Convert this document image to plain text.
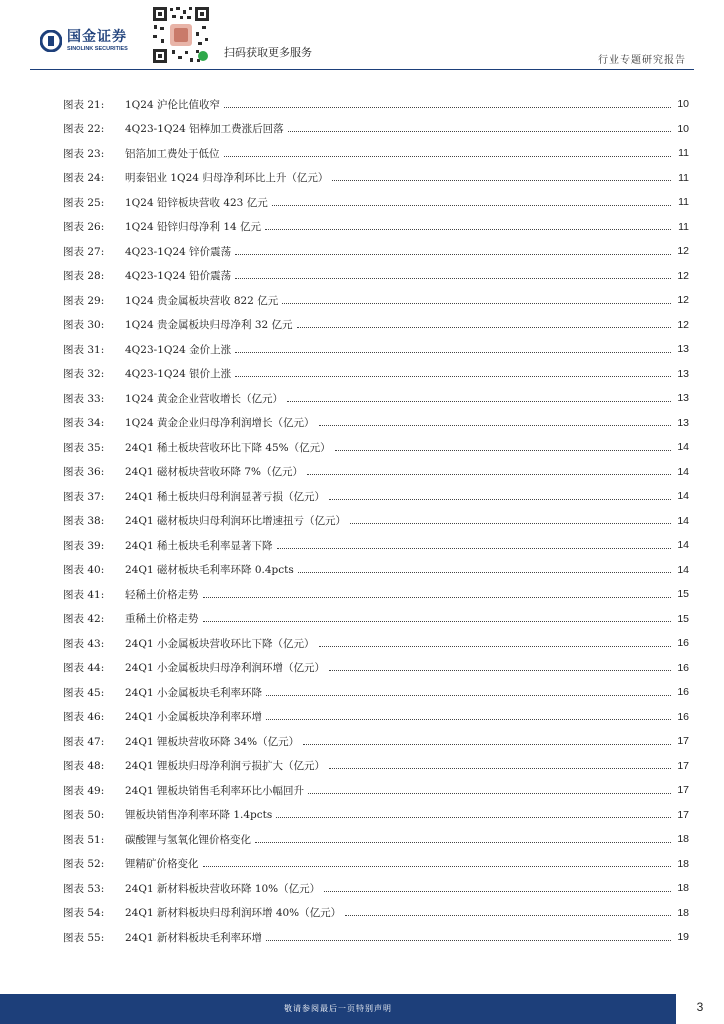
国金证券
SINOLINK SECURITIES	扫码获取更多服务
行业专题研究报告
图表 21:	1Q24 沪伦比值收窄	10
图表 22:	4Q23-1Q24 铝棒加工费涨后回落	10
图表 23:	铝箔加工费处于低位	11
图表 24:	明泰铝业 1Q24 归母净利环比上升（亿元）	11
图表 25:	1Q24 铅锌板块营收 423 亿元	11
图表 26:	1Q24 铅锌归母净利 14 亿元	11
图表 27:	4Q23-1Q24 锌价震荡	12
图表 28:	4Q23-1Q24 铅价震荡	12
图表 29:	1Q24 贵金属板块营收 822 亿元	12
图表 30:	1Q24 贵金属板块归母净利 32 亿元	12
图表 31:	4Q23-1Q24 金价上涨	13
图表 32:	4Q23-1Q24 银价上涨	13
图表 33:	1Q24 黄金企业营收增长（亿元）	13
图表 34:	1Q24 黄金企业归母净利润增长（亿元）	13
图表 35:	24Q1 稀土板块营收环比下降 45%（亿元）	14
图表 36:	24Q1 磁材板块营收环降 7%（亿元）	14
图表 37:	24Q1 稀土板块归母利润显著亏损（亿元）	14
图表 38:	24Q1 磁材板块归母利润环比增速扭亏（亿元）	14
图表 39:	24Q1 稀土板块毛利率显著下降	14
图表 40:	24Q1 磁材板块毛利率环降 0.4pcts	14
图表 41:	轻稀土价格走势	15
图表 42:	重稀土价格走势	15
图表 43:	24Q1 小金属板块营收环比下降（亿元）	16
图表 44:	24Q1 小金属板块归母净利润环增（亿元）	16
图表 45:	24Q1 小金属板块毛利率环降	16
图表 46:	24Q1 小金属板块净利率环增	16
图表 47:	24Q1 锂板块营收环降 34%（亿元）	17
图表 48:	24Q1 锂板块归母净利润亏损扩大（亿元）	17
图表 49:	24Q1 锂板块销售毛利率环比小幅回升	17
图表 50:	锂板块销售净利率环降 1.4pcts	17
图表 51:	碳酸锂与氢氧化锂价格变化	18
图表 52:	锂精矿价格变化	18
图表 53:	24Q1 新材料板块营收环降 10%（亿元）	18
图表 54:	24Q1 新材料板块归母利润环增 40%（亿元）	18
图表 55:	24Q1 新材料板块毛利率环增	19
敬请参阅最后一页特别声明	3
